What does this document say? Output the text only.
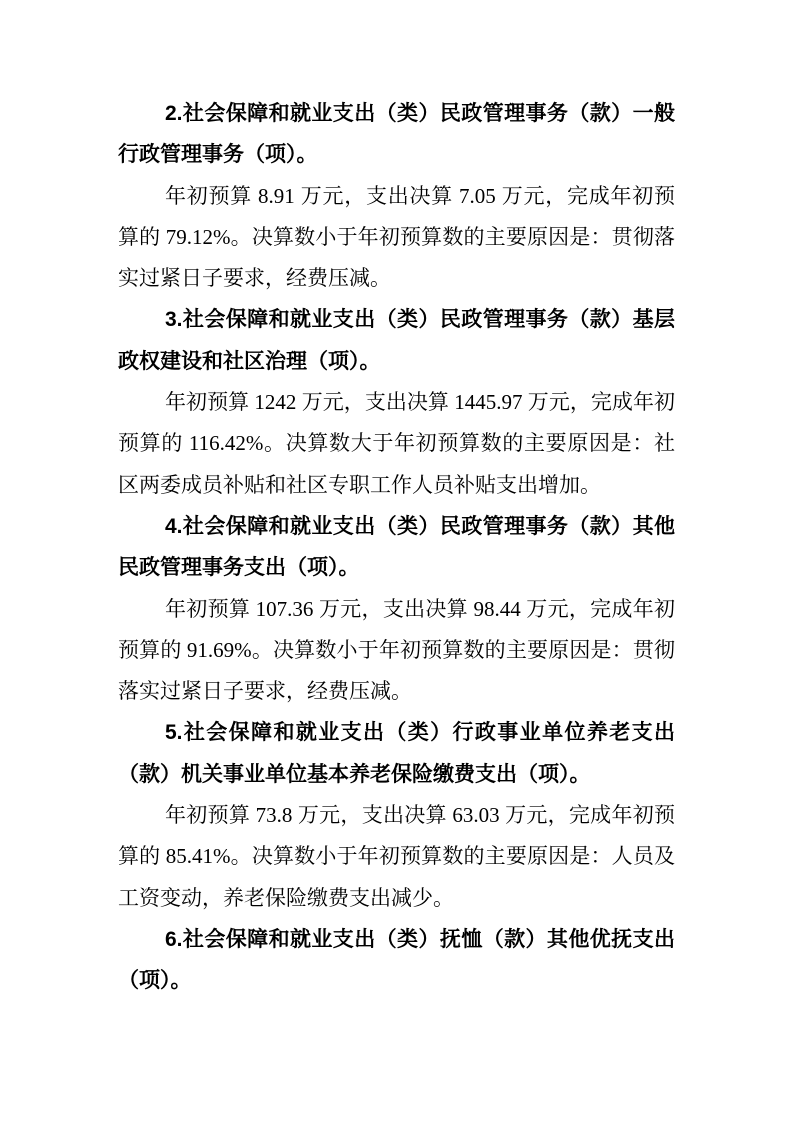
2.社会保障和就业支出（类）民政管理事务（款）一般行政管理事务（项）。

年初预算 8.91 万元，支出决算 7.05 万元，完成年初预算的 79.12%。决算数小于年初预算数的主要原因是：贯彻落实过紧日子要求，经费压减。

3.社会保障和就业支出（类）民政管理事务（款）基层政权建设和社区治理（项）。

年初预算 1242 万元，支出决算 1445.97 万元，完成年初预算的 116.42%。决算数大于年初预算数的主要原因是：社区两委成员补贴和社区专职工作人员补贴支出增加。

4.社会保障和就业支出（类）民政管理事务（款）其他民政管理事务支出（项）。

年初预算 107.36 万元，支出决算 98.44 万元，完成年初预算的 91.69%。决算数小于年初预算数的主要原因是：贯彻落实过紧日子要求，经费压减。

5.社会保障和就业支出（类）行政事业单位养老支出（款）机关事业单位基本养老保险缴费支出（项）。

年初预算 73.8 万元，支出决算 63.03 万元，完成年初预算的 85.41%。决算数小于年初预算数的主要原因是：人员及工资变动，养老保险缴费支出减少。

6.社会保障和就业支出（类）抚恤（款）其他优抚支出（项）。
